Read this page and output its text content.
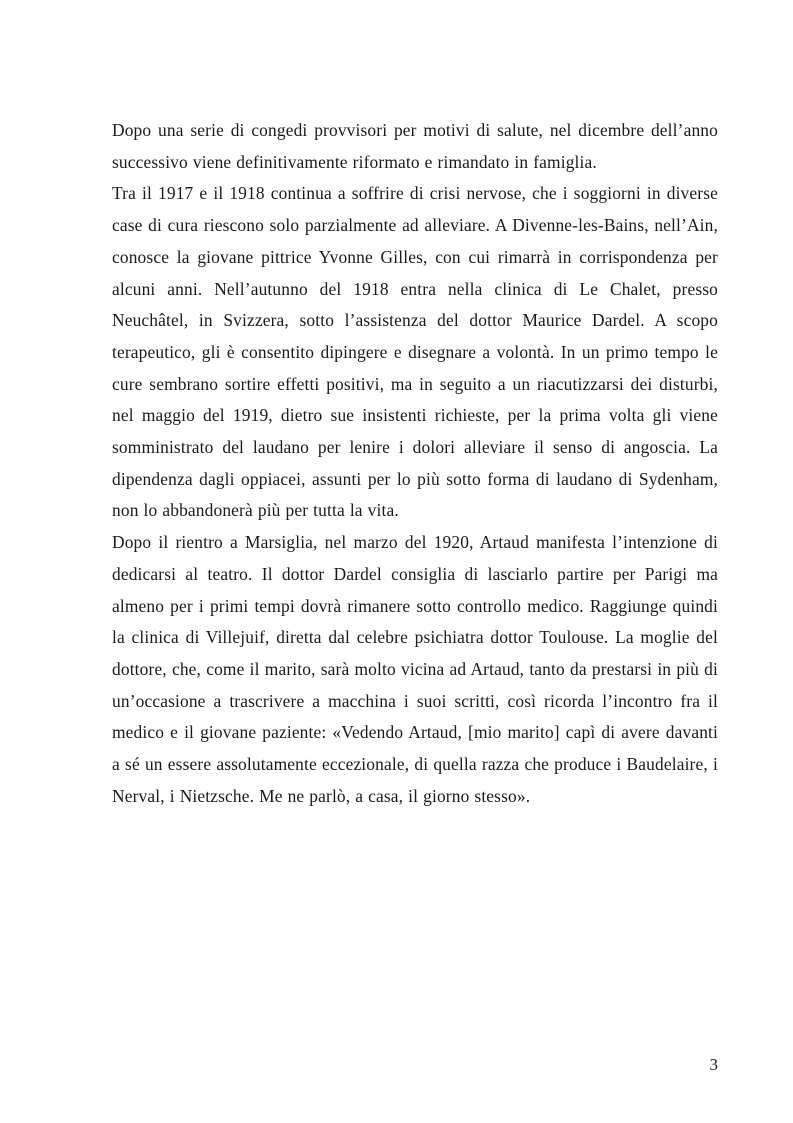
Dopo una serie di congedi provvisori per motivi di salute, nel dicembre dell’anno successivo viene definitivamente riformato e rimandato in famiglia.

Tra il 1917 e il 1918 continua a soffrire di crisi nervose, che i soggiorni in diverse case di cura riescono solo parzialmente ad alleviare. A Divenne-les-Bains, nell’Ain, conosce la giovane pittrice Yvonne Gilles, con cui rimarrà in corrispondenza per alcuni anni. Nell’autunno del 1918 entra nella clinica di Le Chalet, presso Neuchâtel, in Svizzera, sotto l’assistenza del dottor Maurice Dardel. A scopo terapeutico, gli è consentito dipingere e disegnare a volontà. In un primo tempo le cure sembrano sortire effetti positivi, ma in seguito a un riacutizzarsi dei disturbi, nel maggio del 1919, dietro sue insistenti richieste, per la prima volta gli viene somministrato del laudano per lenire i dolori alleviare il senso di angoscia. La dipendenza dagli oppiacei, assunti per lo più sotto forma di laudano di Sydenham, non lo abbandonerà più per tutta la vita.

Dopo il rientro a Marsiglia, nel marzo del 1920, Artaud manifesta l’intenzione di dedicarsi al teatro. Il dottor Dardel consiglia di lasciarlo partire per Parigi ma almeno per i primi tempi dovrà rimanere sotto controllo medico. Raggiunge quindi la clinica di Villejuif, diretta dal celebre psichiatra dottor Toulouse. La moglie del dottore, che, come il marito, sarà molto vicina ad Artaud, tanto da prestarsi in più di un’occasione a trascrivere a macchina i suoi scritti, così ricorda l’incontro fra il medico e il giovane paziente: «Vedendo Artaud, [mio marito] capì di avere davanti a sé un essere assolutamente eccezionale, di quella razza che produce i Baudelaire, i Nerval, i Nietzsche. Me ne parlò, a casa, il giorno stesso».

3
